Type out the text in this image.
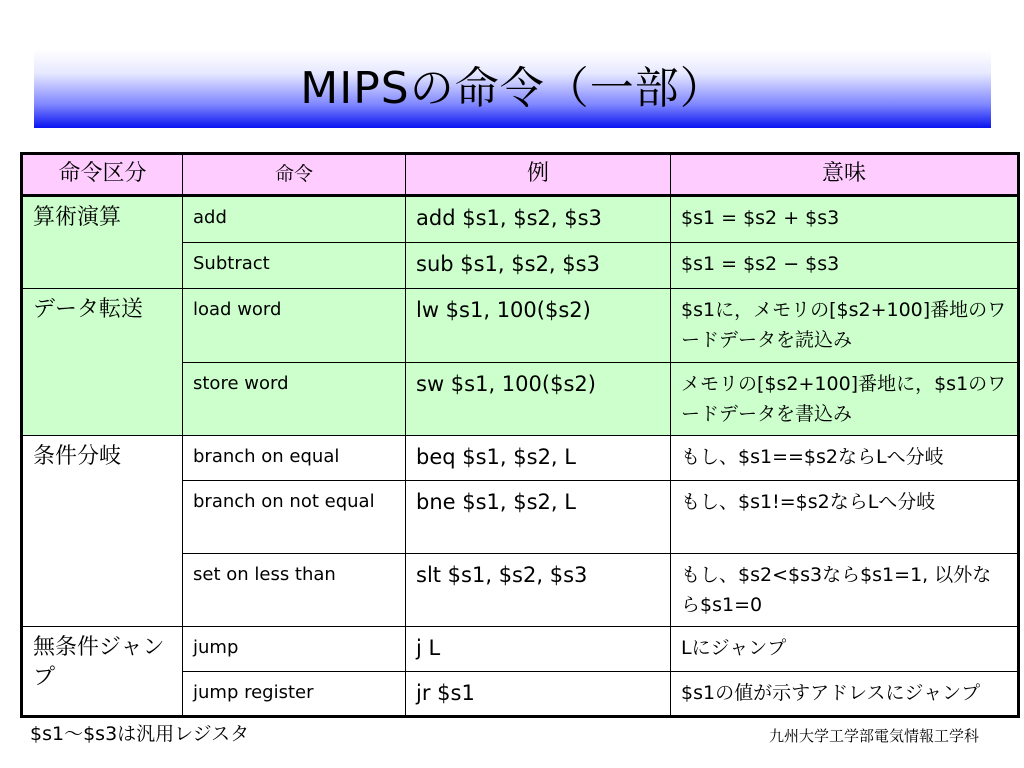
MIPSの命令（一部）
命令区分	命令	例	意味
算術演算	add	add $s1, $s2, $s3	$s1 = $s2 + $s3
	Subtract	sub $s1, $s2, $s3	$s1 = $s2 − $s3
データ転送	load word	lw $s1, 100($s2)	$s1に，メモリの[$s2+100]番地のワードデータを読込み
	store word	sw $s1, 100($s2)	メモリの[$s2+100]番地に，$s1のワードデータを書込み
条件分岐	branch on equal	beq $s1, $s2, L	もし、$s1==$s2ならLへ分岐
	branch on not equal	bne $s1, $s2, L	もし、$s1!=$s2ならLへ分岐
	set on less than	slt $s1, $s2, $s3	もし、$s2<$s3なら$s1=1, 以外なら$s1=0
無条件ジャンプ	jump	j L	Lにジャンプ
	jump register	jr $s1	$s1の値が示すアドレスにジャンプ
$s1～$s3は汎用レジスタ	九州大学工学部電気情報工学科
